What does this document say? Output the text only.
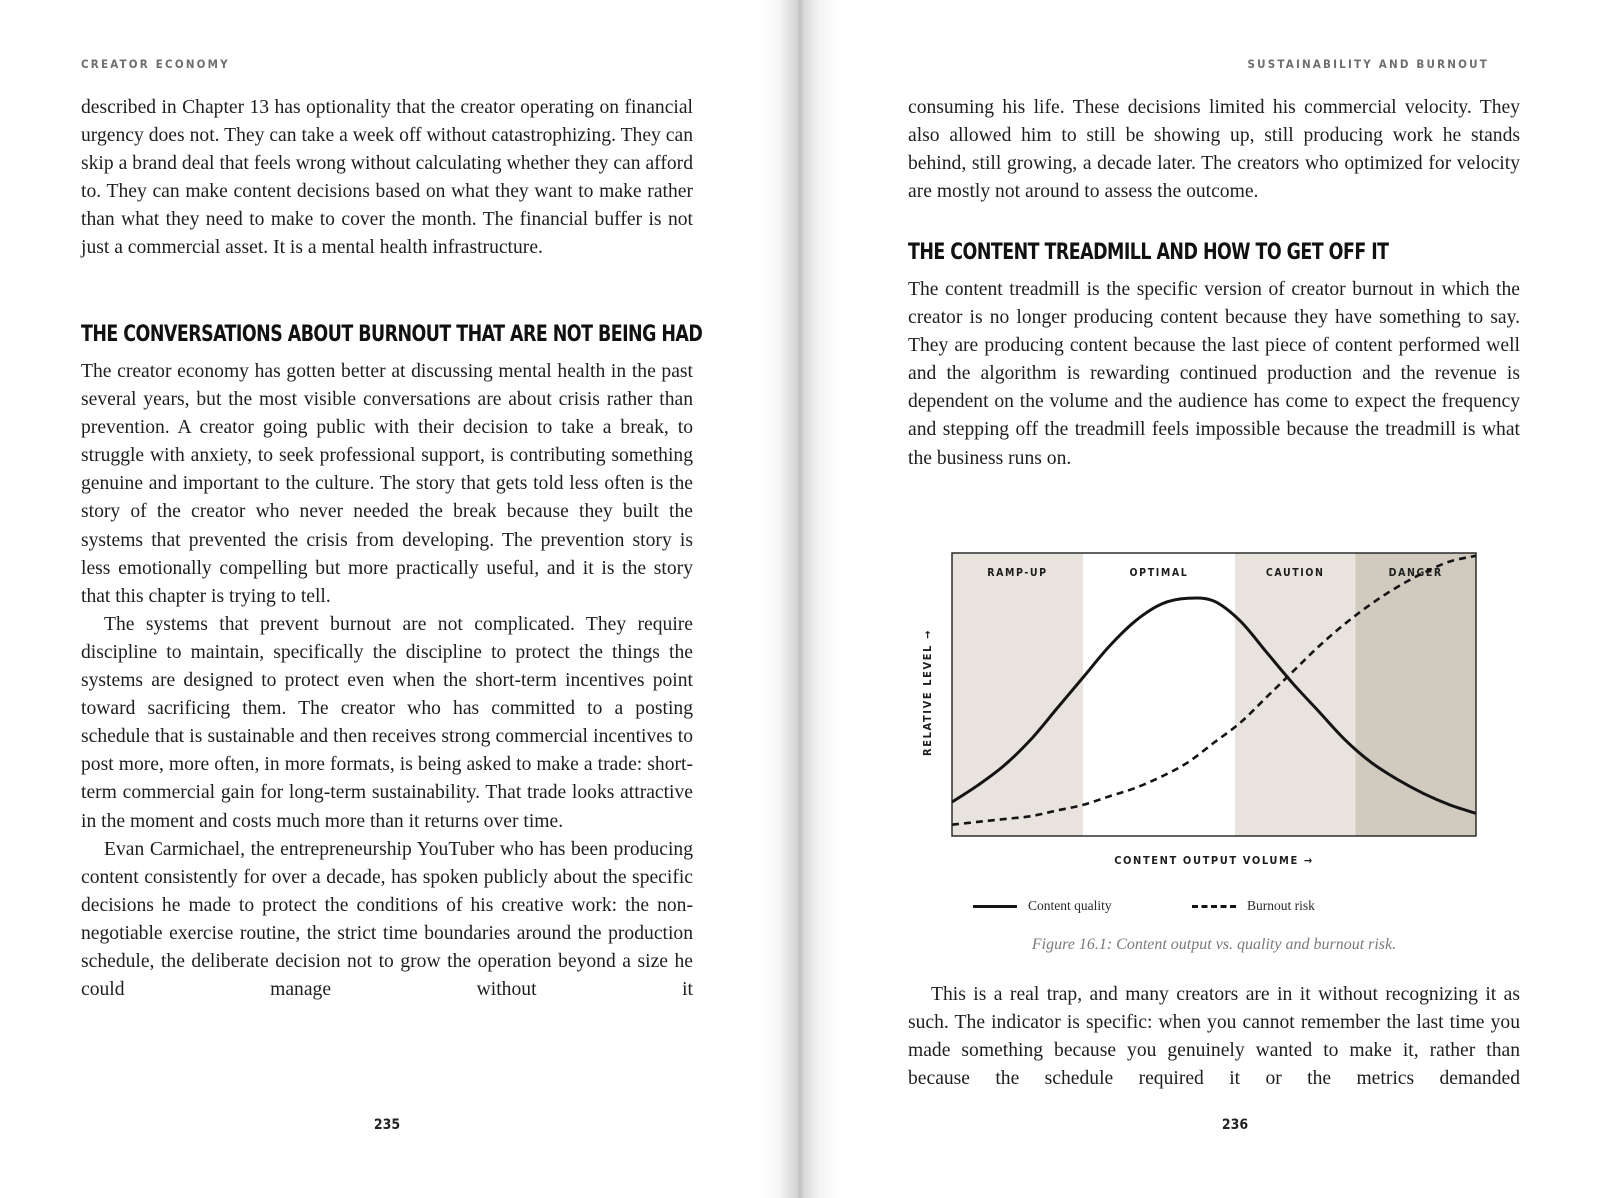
CREATOR ECONOMY

described in Chapter 13 has optionality that the creator operating on financial urgency does not. They can take a week off without catastrophizing. They can skip a brand deal that feels wrong without calculating whether they can afford to. They can make content decisions based on what they want to make rather than what they need to make to cover the month. The financial buffer is not just a commercial asset. It is a mental health infrastructure.

THE CONVERSATIONS ABOUT BURNOUT THAT ARE NOT BEING HAD

The creator economy has gotten better at discussing mental health in the past several years, but the most visible conversations are about crisis rather than prevention. A creator going public with their decision to take a break, to struggle with anxiety, to seek professional support, is contributing something genuine and important to the culture. The story that gets told less often is the story of the creator who never needed the break because they built the systems that prevented the crisis from developing. The prevention story is less emotionally compelling but more practically useful, and it is the story that this chapter is trying to tell.

The systems that prevent burnout are not complicated. They require discipline to maintain, specifically the discipline to protect the things the systems are designed to protect even when the short-term incentives point toward sacrificing them. The creator who has committed to a posting schedule that is sustainable and then receives strong commercial incentives to post more, more often, in more formats, is being asked to make a trade: short-term commercial gain for long-term sustainability. That trade looks attractive in the moment and costs much more than it returns over time.

Evan Carmichael, the entrepreneurship YouTuber who has been producing content consistently for over a decade, has spoken publicly about the specific decisions he made to protect the conditions of his creative work: the non-negotiable exercise routine, the strict time boundaries around the production schedule, the deliberate decision not to grow the operation beyond a size he could manage without it

235
SUSTAINABILITY AND BURNOUT

consuming his life. These decisions limited his commercial velocity. They also allowed him to still be showing up, still producing work he stands behind, still growing, a decade later. The creators who optimized for velocity are mostly not around to assess the outcome.

THE CONTENT TREADMILL AND HOW TO GET OFF IT

The content treadmill is the specific version of creator burnout in which the creator is no longer producing content because they have something to say. They are producing content because the last piece of content performed well and the algorithm is rewarding continued production and the revenue is dependent on the volume and the audience has come to expect the frequency and stepping off the treadmill feels impossible because the treadmill is what the business runs on.

RAMP-UP	OPTIMAL	CAUTION	DANGER
CONTENT OUTPUT VOLUME →
RELATIVE LEVEL →
Content quality	Burnout risk
Figure 16.1: Content output vs. quality and burnout risk.

This is a real trap, and many creators are in it without recognizing it as such. The indicator is specific: when you cannot remember the last time you made something because you genuinely wanted to make it, rather than because the schedule required it or the metrics demanded

236
